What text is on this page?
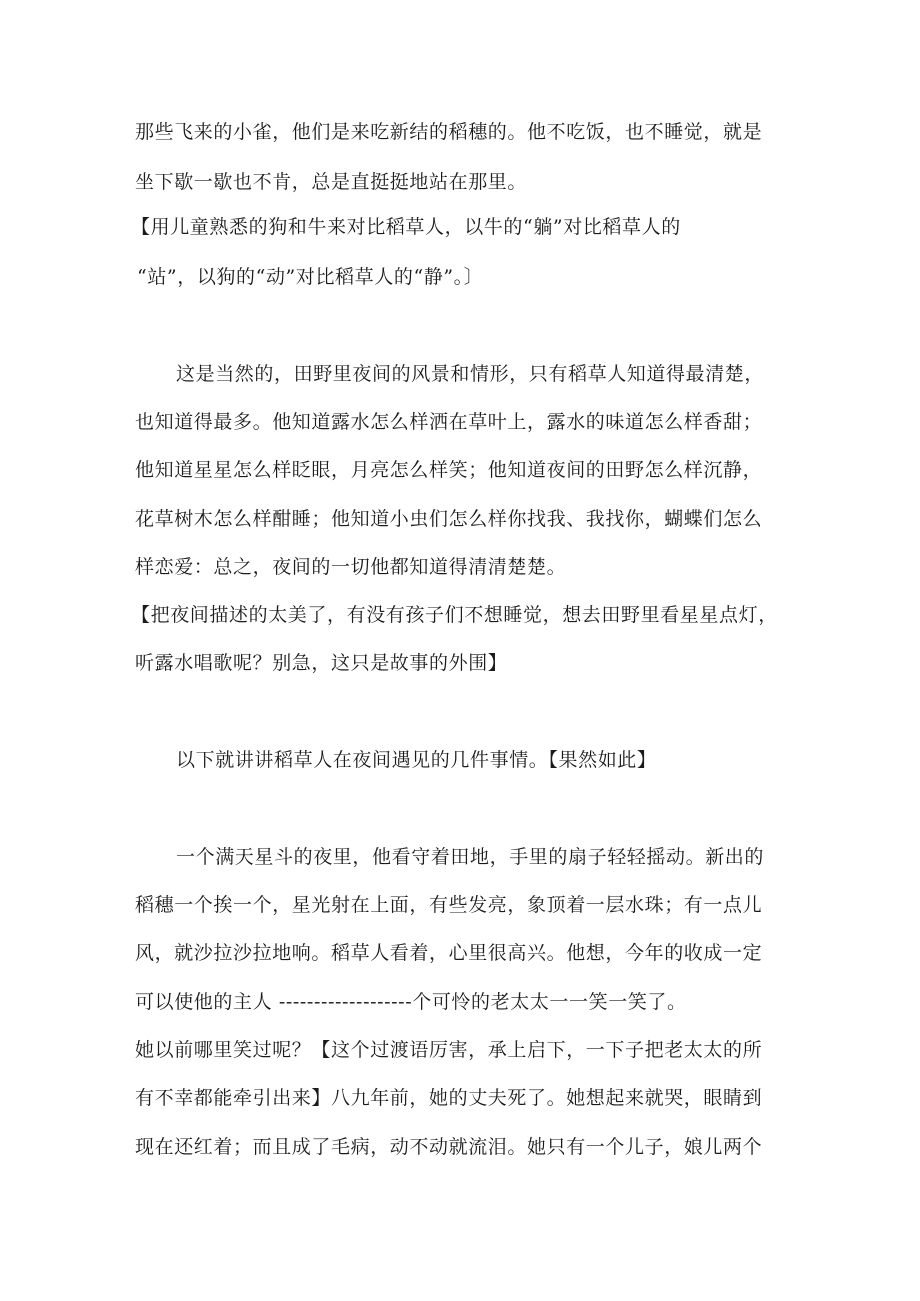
那些飞来的小雀，他们是来吃新结的稻穗的。他不吃饭，也不睡觉，就是
坐下歇一歇也不肯，总是直挺挺地站在那里。
【用儿童熟悉的狗和牛来对比稻草人，以牛的“躺”对比稻草人的
“站”，以狗的“动”对比稻草人的“静”。〕
这是当然的，田野里夜间的风景和情形，只有稻草人知道得最清楚，
也知道得最多。他知道露水怎么样洒在草叶上，露水的味道怎么样香甜；
他知道星星怎么样眨眼，月亮怎么样笑；他知道夜间的田野怎么样沉静，
花草树木怎么样酣睡；他知道小虫们怎么样你找我、我找你，蝴蝶们怎么
样恋爱：总之，夜间的一切他都知道得清清楚楚。
【把夜间描述的太美了，有没有孩子们不想睡觉，想去田野里看星星点灯，
听露水唱歌呢？别急，这只是故事的外围】
以下就讲讲稻草人在夜间遇见的几件事情。【果然如此】
一个满天星斗的夜里，他看守着田地，手里的扇子轻轻摇动。新出的
稻穗一个挨一个，星光射在上面，有些发亮，象顶着一层水珠；有一点儿
风，就沙拉沙拉地响。稻草人看着，心里很高兴。他想，今年的收成一定
可以使他的主人 -------------------个可怜的老太太一一笑一笑了。
她以前哪里笑过呢？【这个过渡语厉害，承上启下，一下子把老太太的所
有不幸都能牵引出来】八九年前，她的丈夫死了。她想起来就哭，眼睛到
现在还红着；而且成了毛病，动不动就流泪。她只有一个儿子，娘儿两个
